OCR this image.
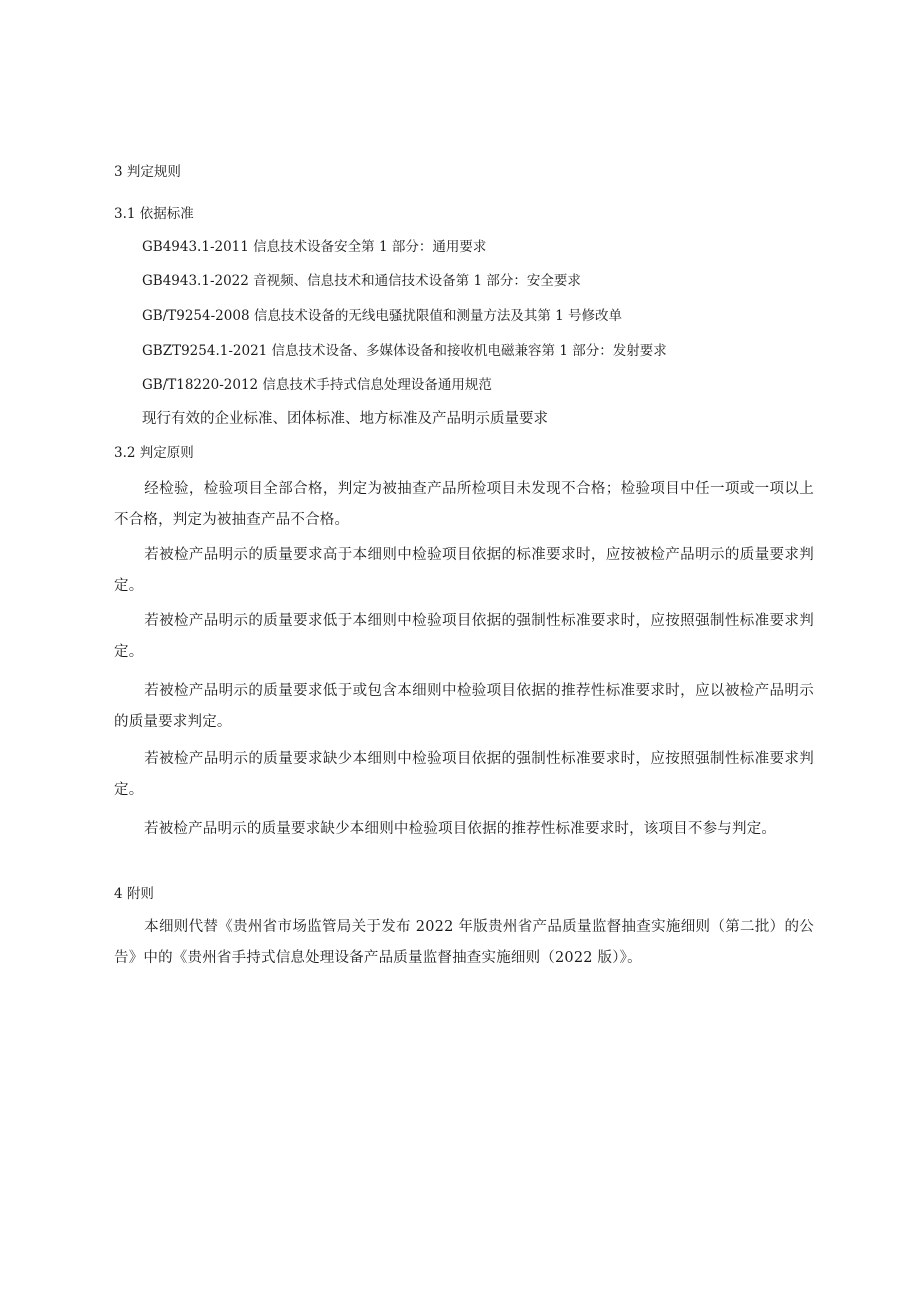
3 判定规则
3.1 依据标准
GB4943.1-2011 信息技术设备安全第 1 部分：通用要求
GB4943.1-2022 音视频、信息技术和通信技术设备第 1 部分：安全要求
GB/T9254-2008 信息技术设备的无线电骚扰限值和测量方法及其第 1 号修改单
GBZT9254.1-2021 信息技术设备、多媒体设备和接收机电磁兼容第 1 部分：发射要求
GB/T18220-2012 信息技术手持式信息处理设备通用规范
现行有效的企业标准、团体标准、地方标准及产品明示质量要求
3.2 判定原则
经检验，检验项目全部合格，判定为被抽查产品所检项目未发现不合格；检验项目中任一项或一项以上不合格，判定为被抽查产品不合格。
若被检产品明示的质量要求高于本细则中检验项目依据的标准要求时，应按被检产品明示的质量要求判定。
若被检产品明示的质量要求低于本细则中检验项目依据的强制性标准要求时，应按照强制性标准要求判定。
若被检产品明示的质量要求低于或包含本细则中检验项目依据的推荐性标准要求时，应以被检产品明示的质量要求判定。
若被检产品明示的质量要求缺少本细则中检验项目依据的强制性标准要求时，应按照强制性标准要求判定。
若被检产品明示的质量要求缺少本细则中检验项目依据的推荐性标准要求时，该项目不参与判定。
4 附则
本细则代替《贵州省市场监管局关于发布 2022 年版贵州省产品质量监督抽查实施细则（第二批）的公告》中的《贵州省手持式信息处理设备产品质量监督抽查实施细则（2022 版）》。
